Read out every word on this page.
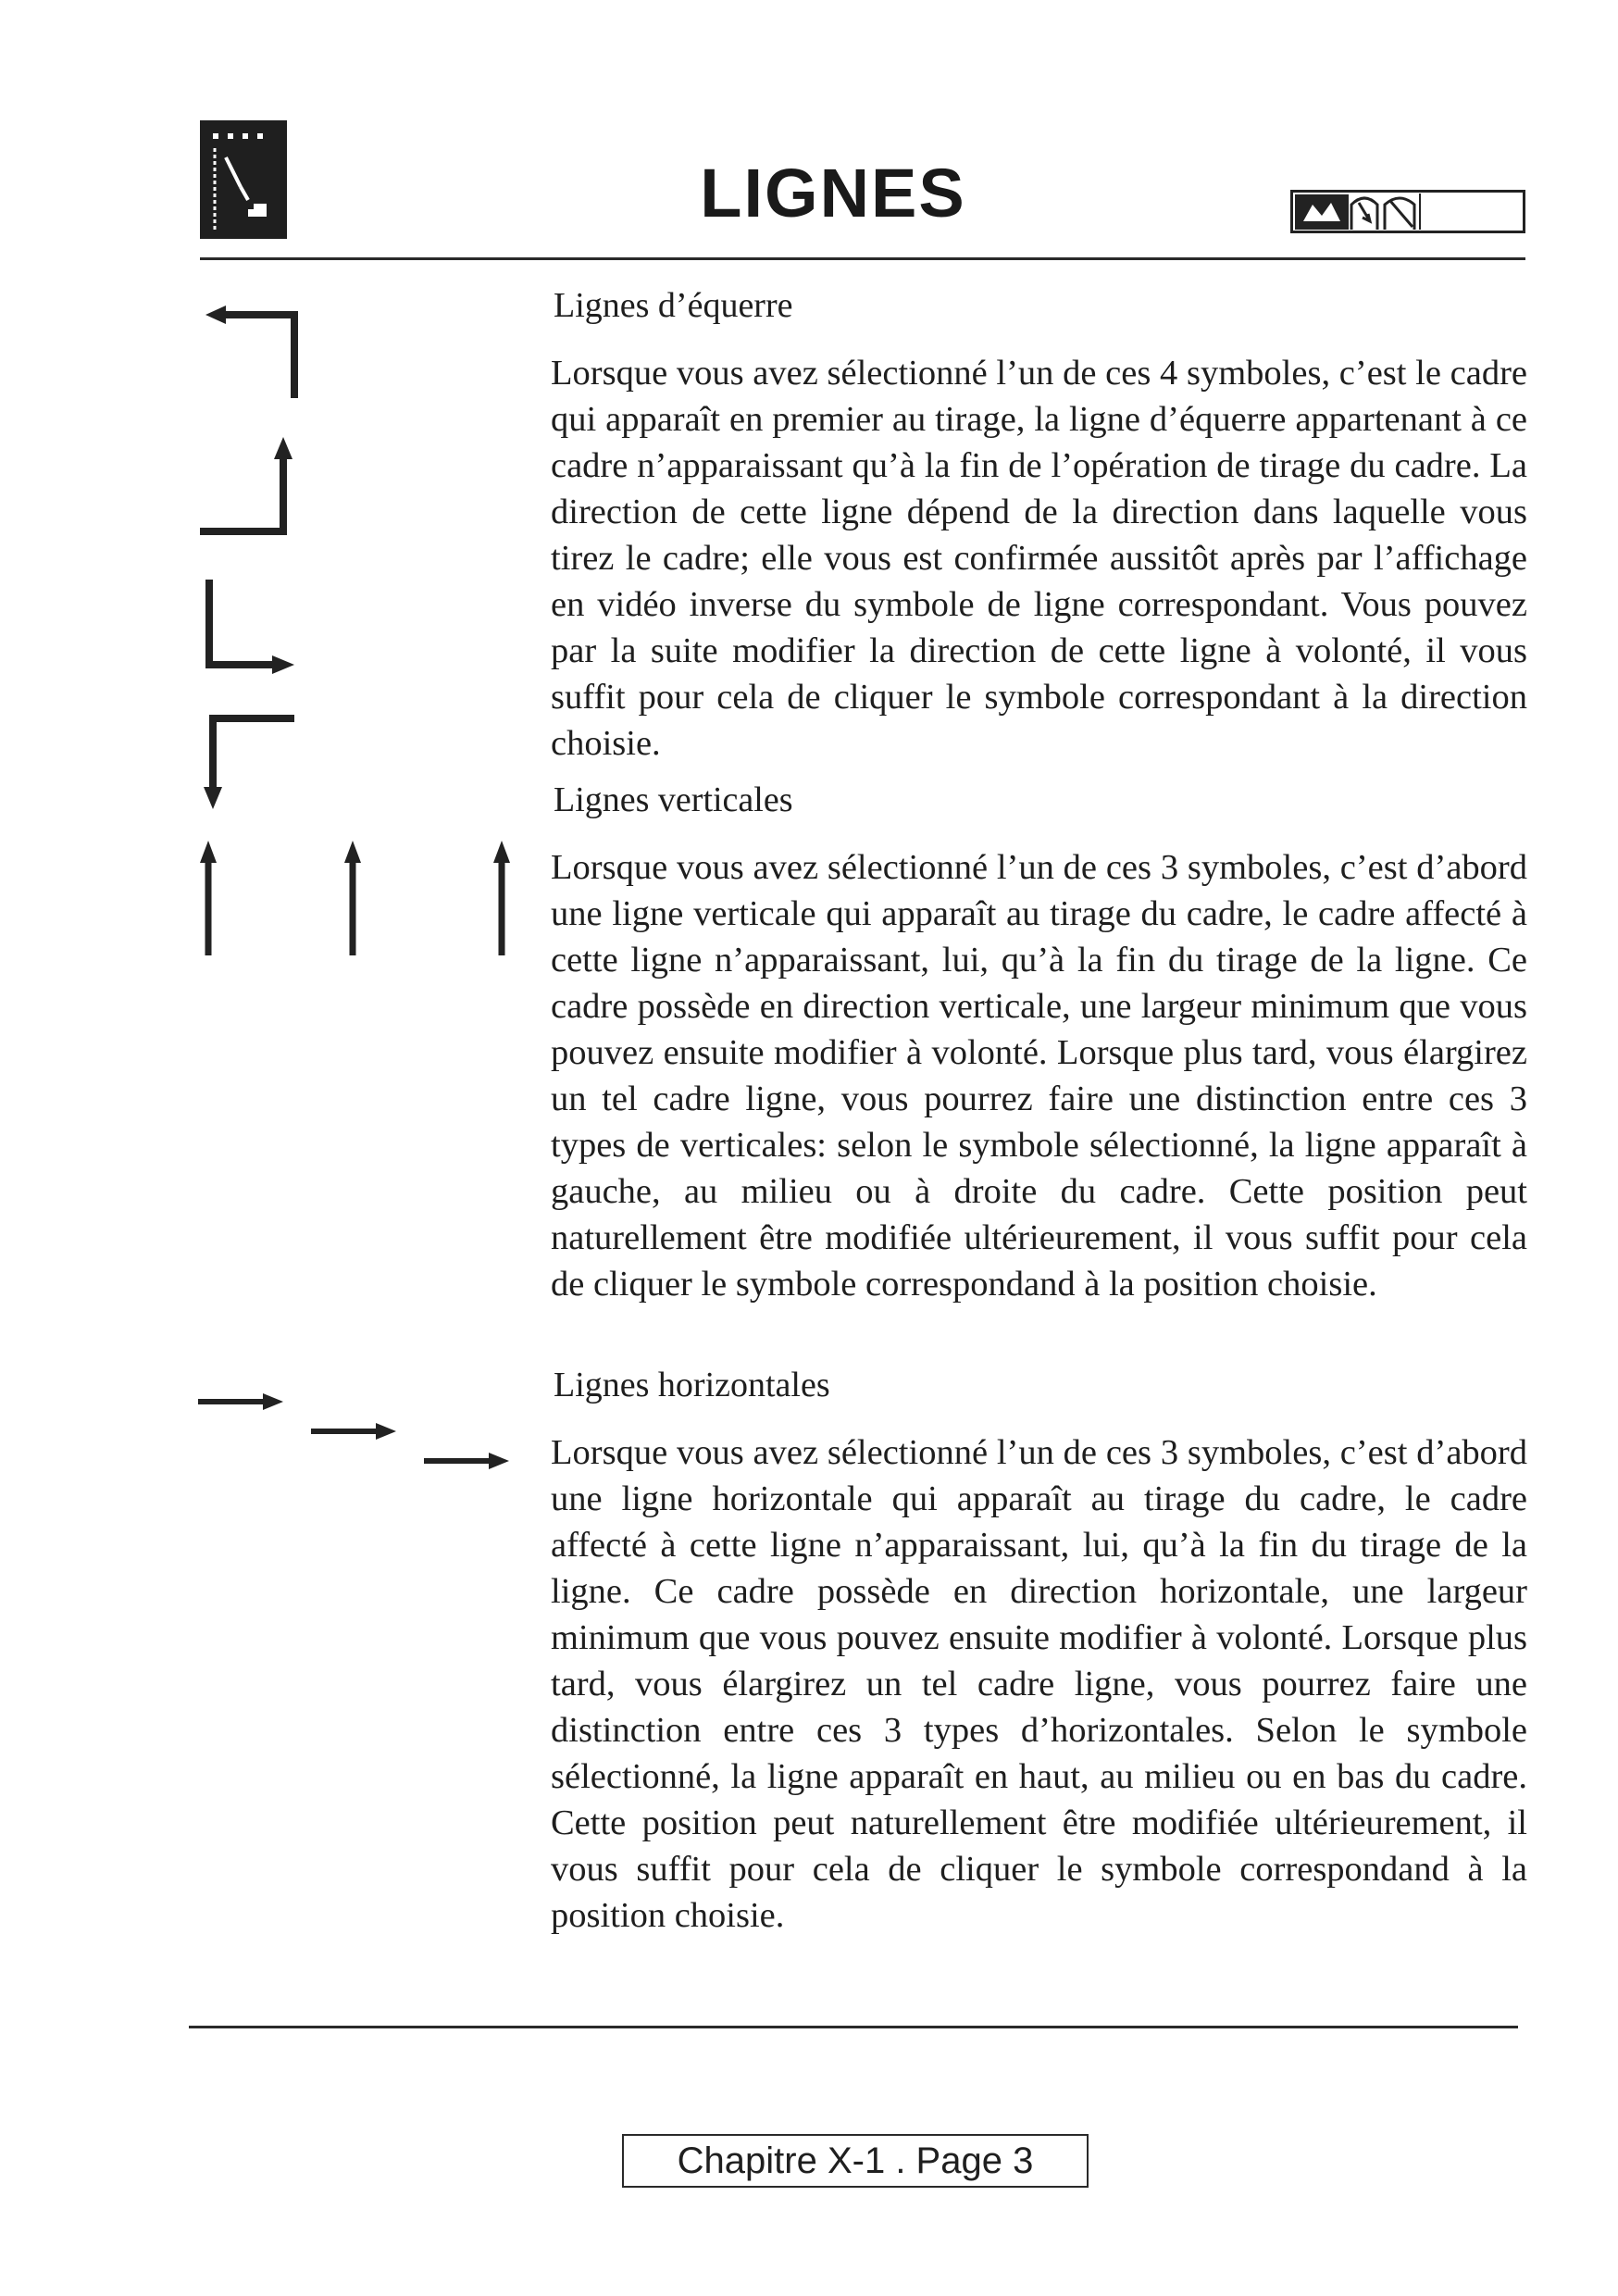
LIGNES
Lignes d’équerre

Lorsque vous avez sélectionné l’un de ces 4 symboles, c’est le cadre qui apparaît en premier au tirage, la ligne d’équerre appartenant à ce cadre n’apparaissant qu’à la fin de l’opération de tirage du cadre. La direction de cette ligne dépend de la direction dans laquelle vous tirez le cadre; elle vous est confirmée aussitôt après par l’affichage en vidéo inverse du symbole de ligne correspondant. Vous pouvez par la suite modifier la direction de cette ligne à volonté, il vous suffit pour cela de cliquer le symbole correspondant à la direction choisie.

Lignes verticales

Lorsque vous avez sélectionné l’un de ces 3 symboles, c’est d’abord une ligne verticale qui apparaît au tirage du cadre, le cadre affecté à cette ligne n’apparaissant, lui, qu’à la fin du tirage de la ligne. Ce cadre possède en direction verticale, une largeur minimum que vous pouvez ensuite modifier à volonté. Lorsque plus tard, vous élargirez un tel cadre ligne, vous pourrez faire une distinction entre ces 3 types de verticales: selon le symbole sélectionné, la ligne apparaît à gauche, au milieu ou à droite du cadre. Cette position peut naturellement être modifiée ultérieurement, il vous suffit pour cela de cliquer le symbole correspondand à la position choisie.

Lignes horizontales

Lorsque vous avez sélectionné l’un de ces 3 symboles, c’est d’abord une ligne horizontale qui apparaît au tirage du cadre, le cadre affecté à cette ligne n’apparaissant, lui, qu’à la fin du tirage de la ligne. Ce cadre possède en direction horizontale, une largeur minimum que vous pouvez ensuite modifier à volonté. Lorsque plus tard, vous élargirez un tel cadre ligne, vous pourrez faire une distinction entre ces 3 types d’horizontales. Selon le symbole sélectionné, la ligne apparaît en haut, au milieu ou en bas du cadre. Cette position peut naturellement être modifiée ultérieurement, il vous suffit pour cela de cliquer le symbole correspondand à la position choisie.

Chapitre X-1 . Page 3
